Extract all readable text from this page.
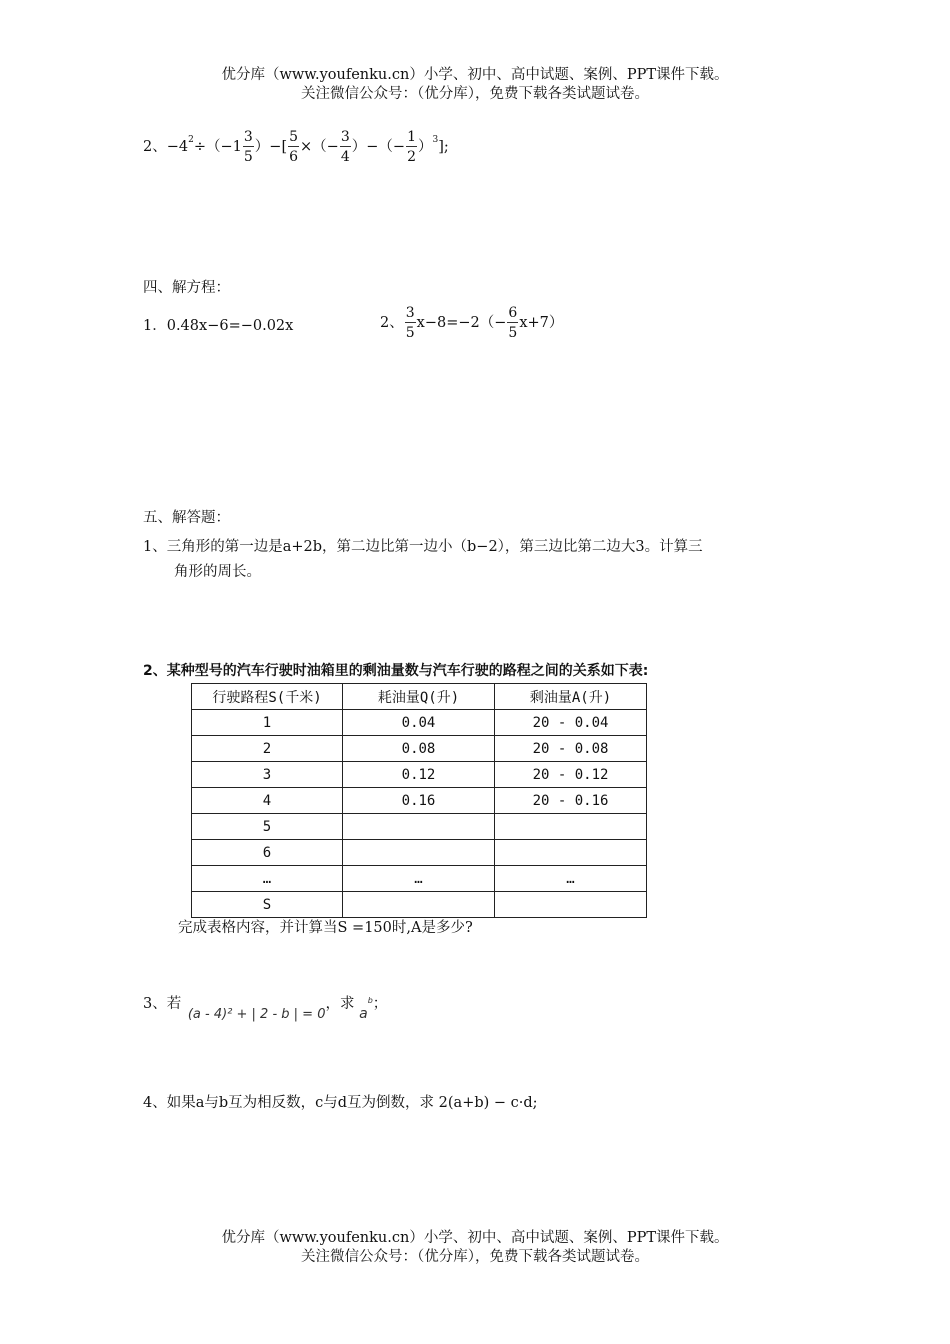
优分库（www.youfenku.cn）小学、初中、高中试题、案例、PPT课件下载。
关注微信公众号：（优分库），免费下载各类试题试卷。
2、$-4^2\div(-1 \frac{3}{5}$ ）−[ $\frac{5}{6}$ ×（− $\frac{3}{4}$ ）−（− $\frac{1}{2} )^3$];
四、解方程：
1．0.48x−6=−0.02x	2、 $\frac{3}{5} x-8=-2(- \frac{6}{5} x+7)$
五、解答题：
1、三角形的第一边是a+2b，第二边比第一边小（b−2），第三边比第二边大3。计算三
角形的周长。
2、某种型号的汽车行驶时油箱里的剩油量数与汽车行驶的路程之间的关系如下表:
行驶路程S(千米)	耗油量Q(升)	剩油量A(升)
1	0.04	20 - 0.04
2	0.08	20 - 0.08
3	0.12	20 - 0.12
4	0.16	20 - 0.16
5		
6		
…	…	…
S		
完成表格内容，并计算当S =150时,A是多少?
3、若 (a - 4)² + | 2 - b | = 0，求 $a^b$；
4、如果a与b互为相反数，c与d互为倒数，求 2(a+b) − c·d;
优分库（www.youfenku.cn）小学、初中、高中试题、案例、PPT课件下载。
关注微信公众号：（优分库），免费下载各类试题试卷。
